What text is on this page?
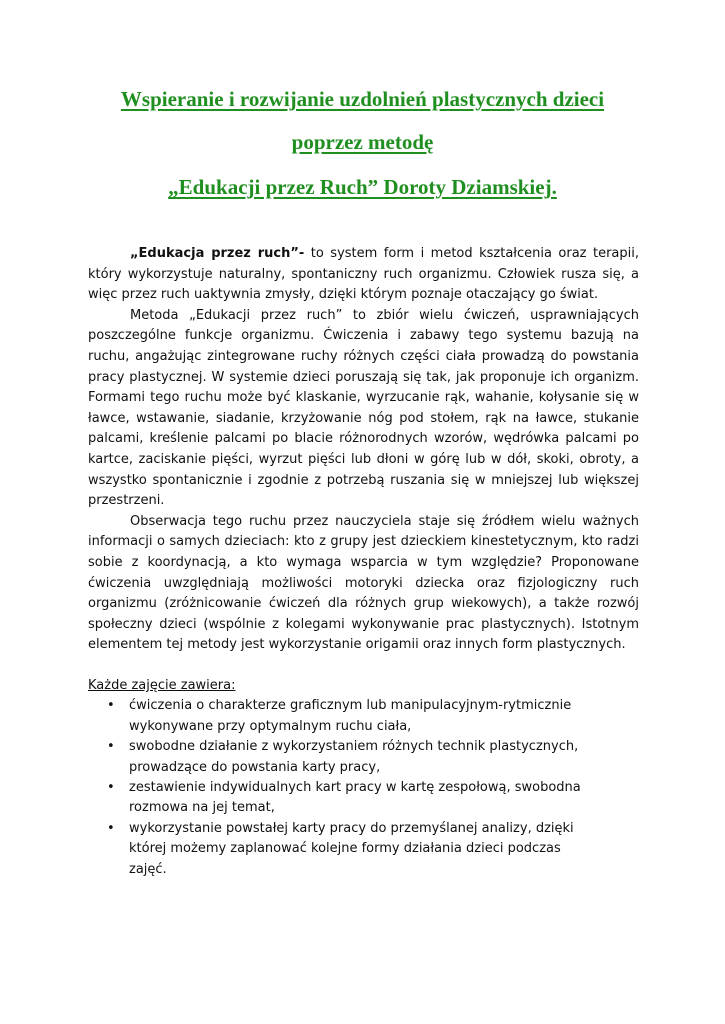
Wspieranie i rozwijanie uzdolnień plastycznych dzieci
poprzez metodę
„Edukacji przez Ruch” Doroty Dziamskiej.

„Edukacja przez ruch”- to system form i metod kształcenia oraz terapii, który wykorzystuje naturalny, spontaniczny ruch organizmu. Człowiek rusza się, a więc przez ruch uaktywnia zmysły, dzięki którym poznaje otaczający go świat.

Metoda „Edukacji przez ruch” to zbiór wielu ćwiczeń, usprawniających poszczególne funkcje organizmu. Ćwiczenia i zabawy tego systemu bazują na ruchu, angażując zintegrowane ruchy różnych części ciała prowadzą do powstania pracy plastycznej. W systemie dzieci poruszają się tak, jak proponuje ich organizm. Formami tego ruchu może być klaskanie, wyrzucanie rąk, wahanie, kołysanie się w ławce, wstawanie, siadanie, krzyżowanie nóg pod stołem, rąk na ławce, stukanie palcami, kreślenie palcami po blacie różnorodnych wzorów, wędrówka palcami po kartce, zaciskanie pięści, wyrzut pięści lub dłoni w górę lub w dół, skoki, obroty, a wszystko spontanicznie i zgodnie z potrzebą ruszania się w mniejszej lub większej przestrzeni.

Obserwacja tego ruchu przez nauczyciela staje się źródłem wielu ważnych informacji o samych dzieciach: kto z grupy jest dzieckiem kinestetycznym, kto radzi sobie z koordynacją, a kto wymaga wsparcia w tym względzie? Proponowane ćwiczenia uwzględniają możliwości motoryki dziecka oraz fizjologiczny ruch organizmu (zróżnicowanie ćwiczeń dla różnych grup wiekowych), a także rozwój społeczny dzieci (wspólnie z kolegami wykonywanie prac plastycznych). Istotnym elementem tej metody jest wykorzystanie origamii oraz innych form plastycznych.

Każde zajęcie zawiera:

• ćwiczenia o charakterze graficznym lub manipulacyjnym-rytmicznie wykonywane przy optymalnym ruchu ciała,
• swobodne działanie z wykorzystaniem różnych technik plastycznych, prowadzące do powstania karty pracy,
• zestawienie indywidualnych kart pracy w kartę zespołową, swobodna rozmowa na jej temat,
• wykorzystanie powstałej karty pracy do przemyślanej analizy, dzięki której możemy zaplanować kolejne formy działania dzieci podczas zajęć.
